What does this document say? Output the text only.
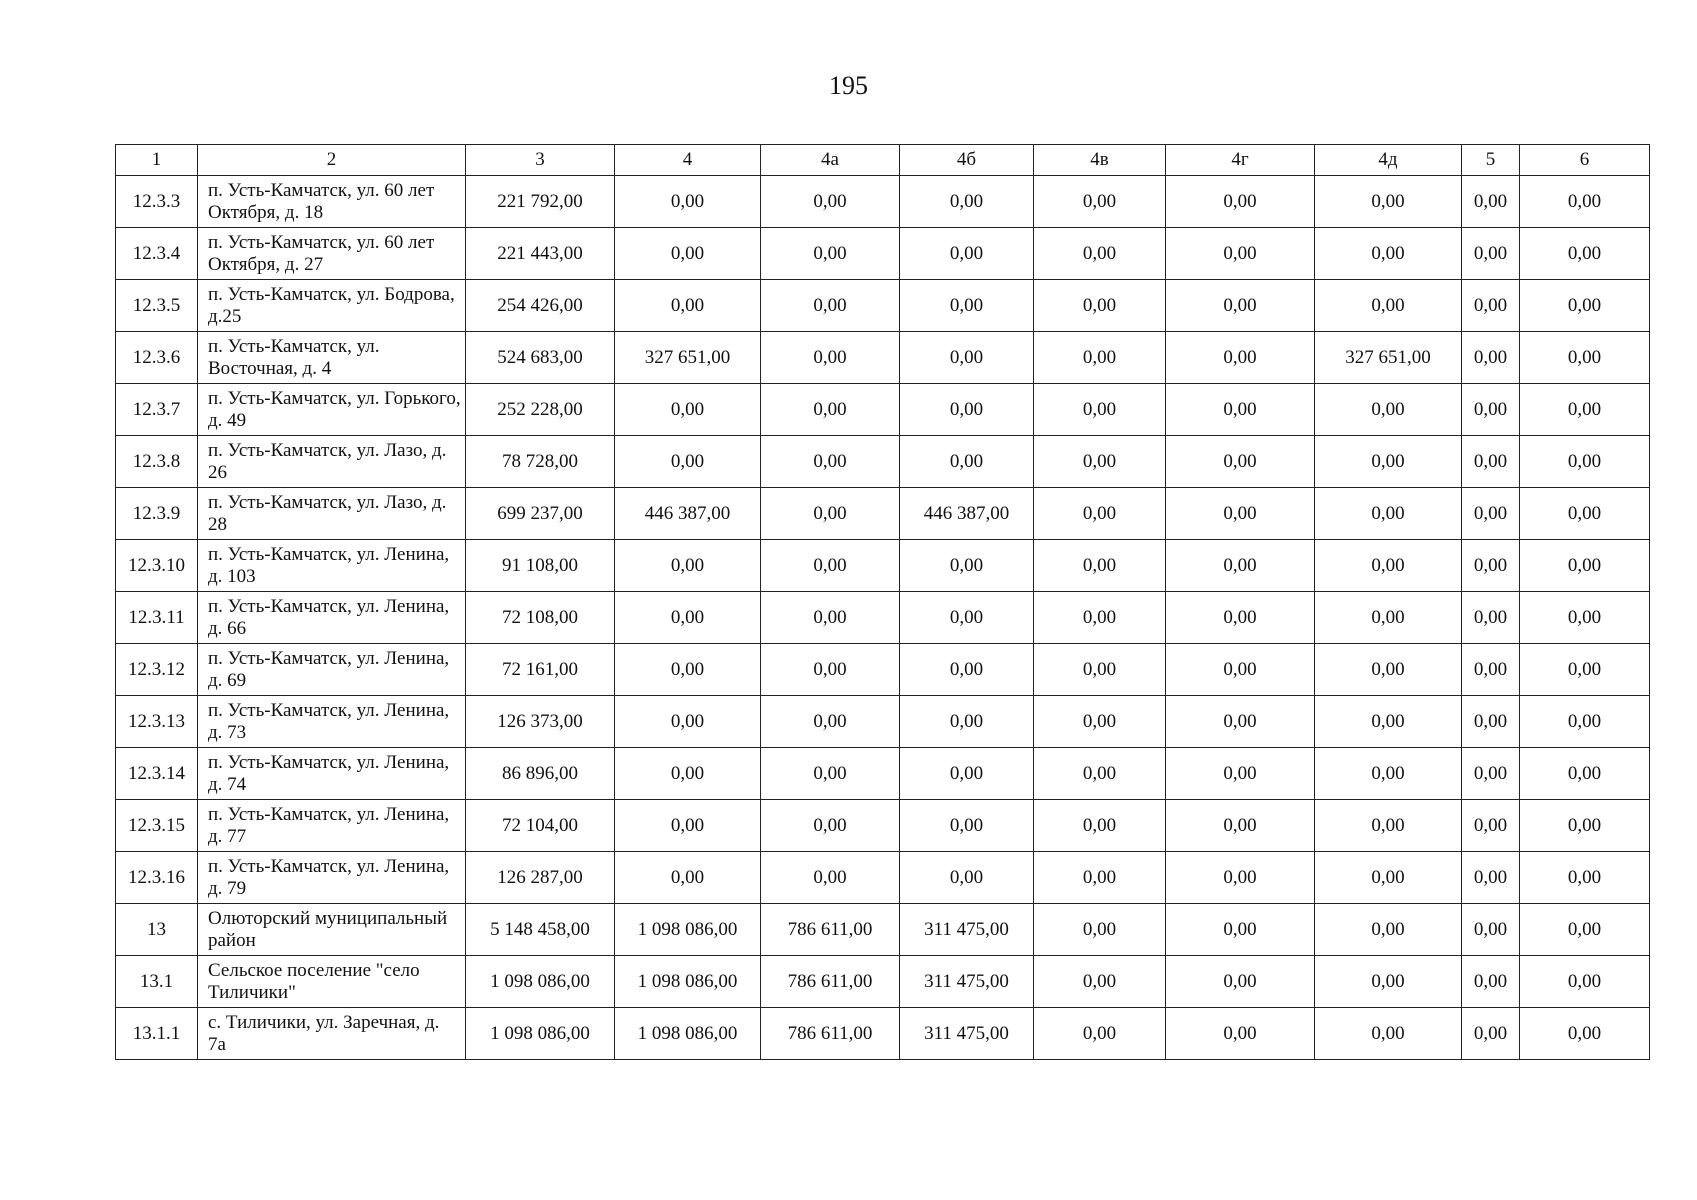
195
1	2	3	4	4а	4б	4в	4г	4д	5	6
12.3.3	п. Усть-Камчатск, ул. 60 лет Октября, д. 18	221 792,00	0,00	0,00	0,00	0,00	0,00	0,00	0,00	0,00
12.3.4	п. Усть-Камчатск, ул. 60 лет Октября, д. 27	221 443,00	0,00	0,00	0,00	0,00	0,00	0,00	0,00	0,00
12.3.5	п. Усть-Камчатск, ул. Бодрова, д.25	254 426,00	0,00	0,00	0,00	0,00	0,00	0,00	0,00	0,00
12.3.6	п. Усть-Камчатск, ул. Восточная, д. 4	524 683,00	327 651,00	0,00	0,00	0,00	0,00	327 651,00	0,00	0,00
12.3.7	п. Усть-Камчатск, ул. Горького, д. 49	252 228,00	0,00	0,00	0,00	0,00	0,00	0,00	0,00	0,00
12.3.8	п. Усть-Камчатск, ул. Лазо, д. 26	78 728,00	0,00	0,00	0,00	0,00	0,00	0,00	0,00	0,00
12.3.9	п. Усть-Камчатск, ул. Лазо, д. 28	699 237,00	446 387,00	0,00	446 387,00	0,00	0,00	0,00	0,00	0,00
12.3.10	п. Усть-Камчатск, ул. Ленина, д. 103	91 108,00	0,00	0,00	0,00	0,00	0,00	0,00	0,00	0,00
12.3.11	п. Усть-Камчатск, ул. Ленина, д. 66	72 108,00	0,00	0,00	0,00	0,00	0,00	0,00	0,00	0,00
12.3.12	п. Усть-Камчатск, ул. Ленина, д. 69	72 161,00	0,00	0,00	0,00	0,00	0,00	0,00	0,00	0,00
12.3.13	п. Усть-Камчатск, ул. Ленина, д. 73	126 373,00	0,00	0,00	0,00	0,00	0,00	0,00	0,00	0,00
12.3.14	п. Усть-Камчатск, ул. Ленина, д. 74	86 896,00	0,00	0,00	0,00	0,00	0,00	0,00	0,00	0,00
12.3.15	п. Усть-Камчатск, ул. Ленина, д. 77	72 104,00	0,00	0,00	0,00	0,00	0,00	0,00	0,00	0,00
12.3.16	п. Усть-Камчатск, ул. Ленина, д. 79	126 287,00	0,00	0,00	0,00	0,00	0,00	0,00	0,00	0,00
13	Олюторский муниципальный район	5 148 458,00	1 098 086,00	786 611,00	311 475,00	0,00	0,00	0,00	0,00	0,00
13.1	Сельское поселение "село Тиличики"	1 098 086,00	1 098 086,00	786 611,00	311 475,00	0,00	0,00	0,00	0,00	0,00
13.1.1	с. Тиличики, ул. Заречная, д. 7а	1 098 086,00	1 098 086,00	786 611,00	311 475,00	0,00	0,00	0,00	0,00	0,00
